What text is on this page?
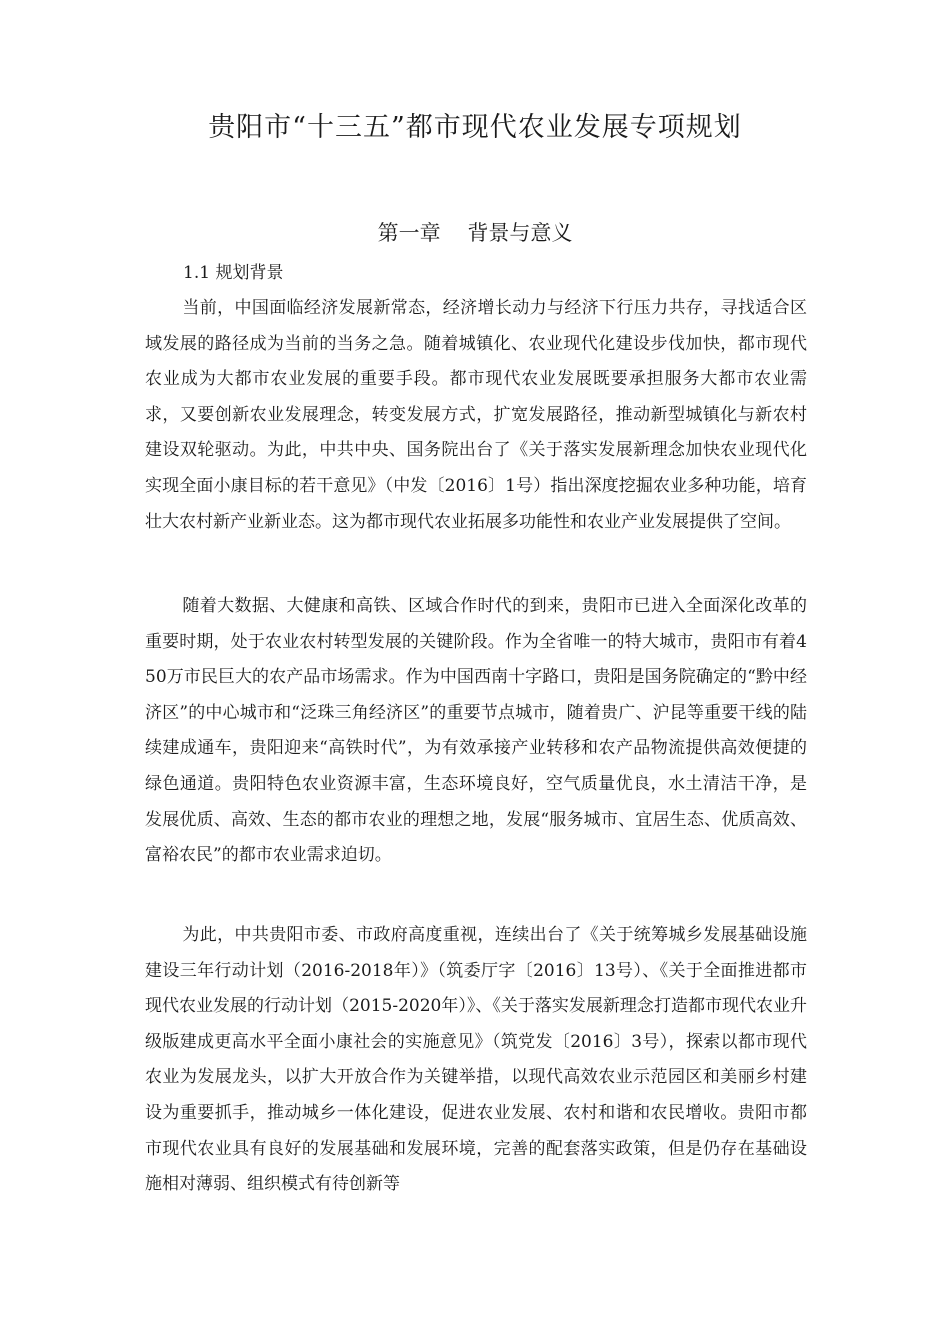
贵阳市“十三五”都市现代农业发展专项规划
第一章    背景与意义
1.1 规划背景

当前，中国面临经济发展新常态，经济增长动力与经济下行压力共存，寻找适合区域发展的路径成为当前的当务之急。随着城镇化、农业现代化建设步伐加快，都市现代农业成为大都市农业发展的重要手段。都市现代农业发展既要承担服务大都市农业需求，又要创新农业发展理念，转变发展方式，扩宽发展路径，推动新型城镇化与新农村建设双轮驱动。为此，中共中央、国务院出台了《关于落实发展新理念加快农业现代化实现全面小康目标的若干意见》（中发〔2016〕1号）指出深度挖掘农业多种功能，培育壮大农村新产业新业态。这为都市现代农业拓展多功能性和农业产业发展提供了空间。

随着大数据、大健康和高铁、区域合作时代的到来，贵阳市已进入全面深化改革的重要时期，处于农业农村转型发展的关键阶段。作为全省唯一的特大城市，贵阳市有着450万市民巨大的农产品市场需求。作为中国西南十字路口，贵阳是国务院确定的“黔中经济区”的中心城市和“泛珠三角经济区”的重要节点城市，随着贵广、沪昆等重要干线的陆续建成通车，贵阳迎来“高铁时代”，为有效承接产业转移和农产品物流提供高效便捷的绿色通道。贵阳特色农业资源丰富，生态环境良好，空气质量优良，水土清洁干净，是发展优质、高效、生态的都市农业的理想之地，发展“服务城市、宜居生态、优质高效、富裕农民”的都市农业需求迫切。

为此，中共贵阳市委、市政府高度重视，连续出台了《关于统筹城乡发展基础设施建设三年行动计划（2016-2018年）》（筑委厅字〔2016〕13号）、《关于全面推进都市现代农业发展的行动计划（2015-2020年）》、《关于落实发展新理念打造都市现代农业升级版建成更高水平全面小康社会的实施意见》（筑党发〔2016〕3号），探索以都市现代农业为发展龙头，以扩大开放合作为关键举措，以现代高效农业示范园区和美丽乡村建设为重要抓手，推动城乡一体化建设，促进农业发展、农村和谐和农民增收。贵阳市都市现代农业具有良好的发展基础和发展环境，完善的配套落实政策，但是仍存在基础设施相对薄弱、组织模式有待创新等
